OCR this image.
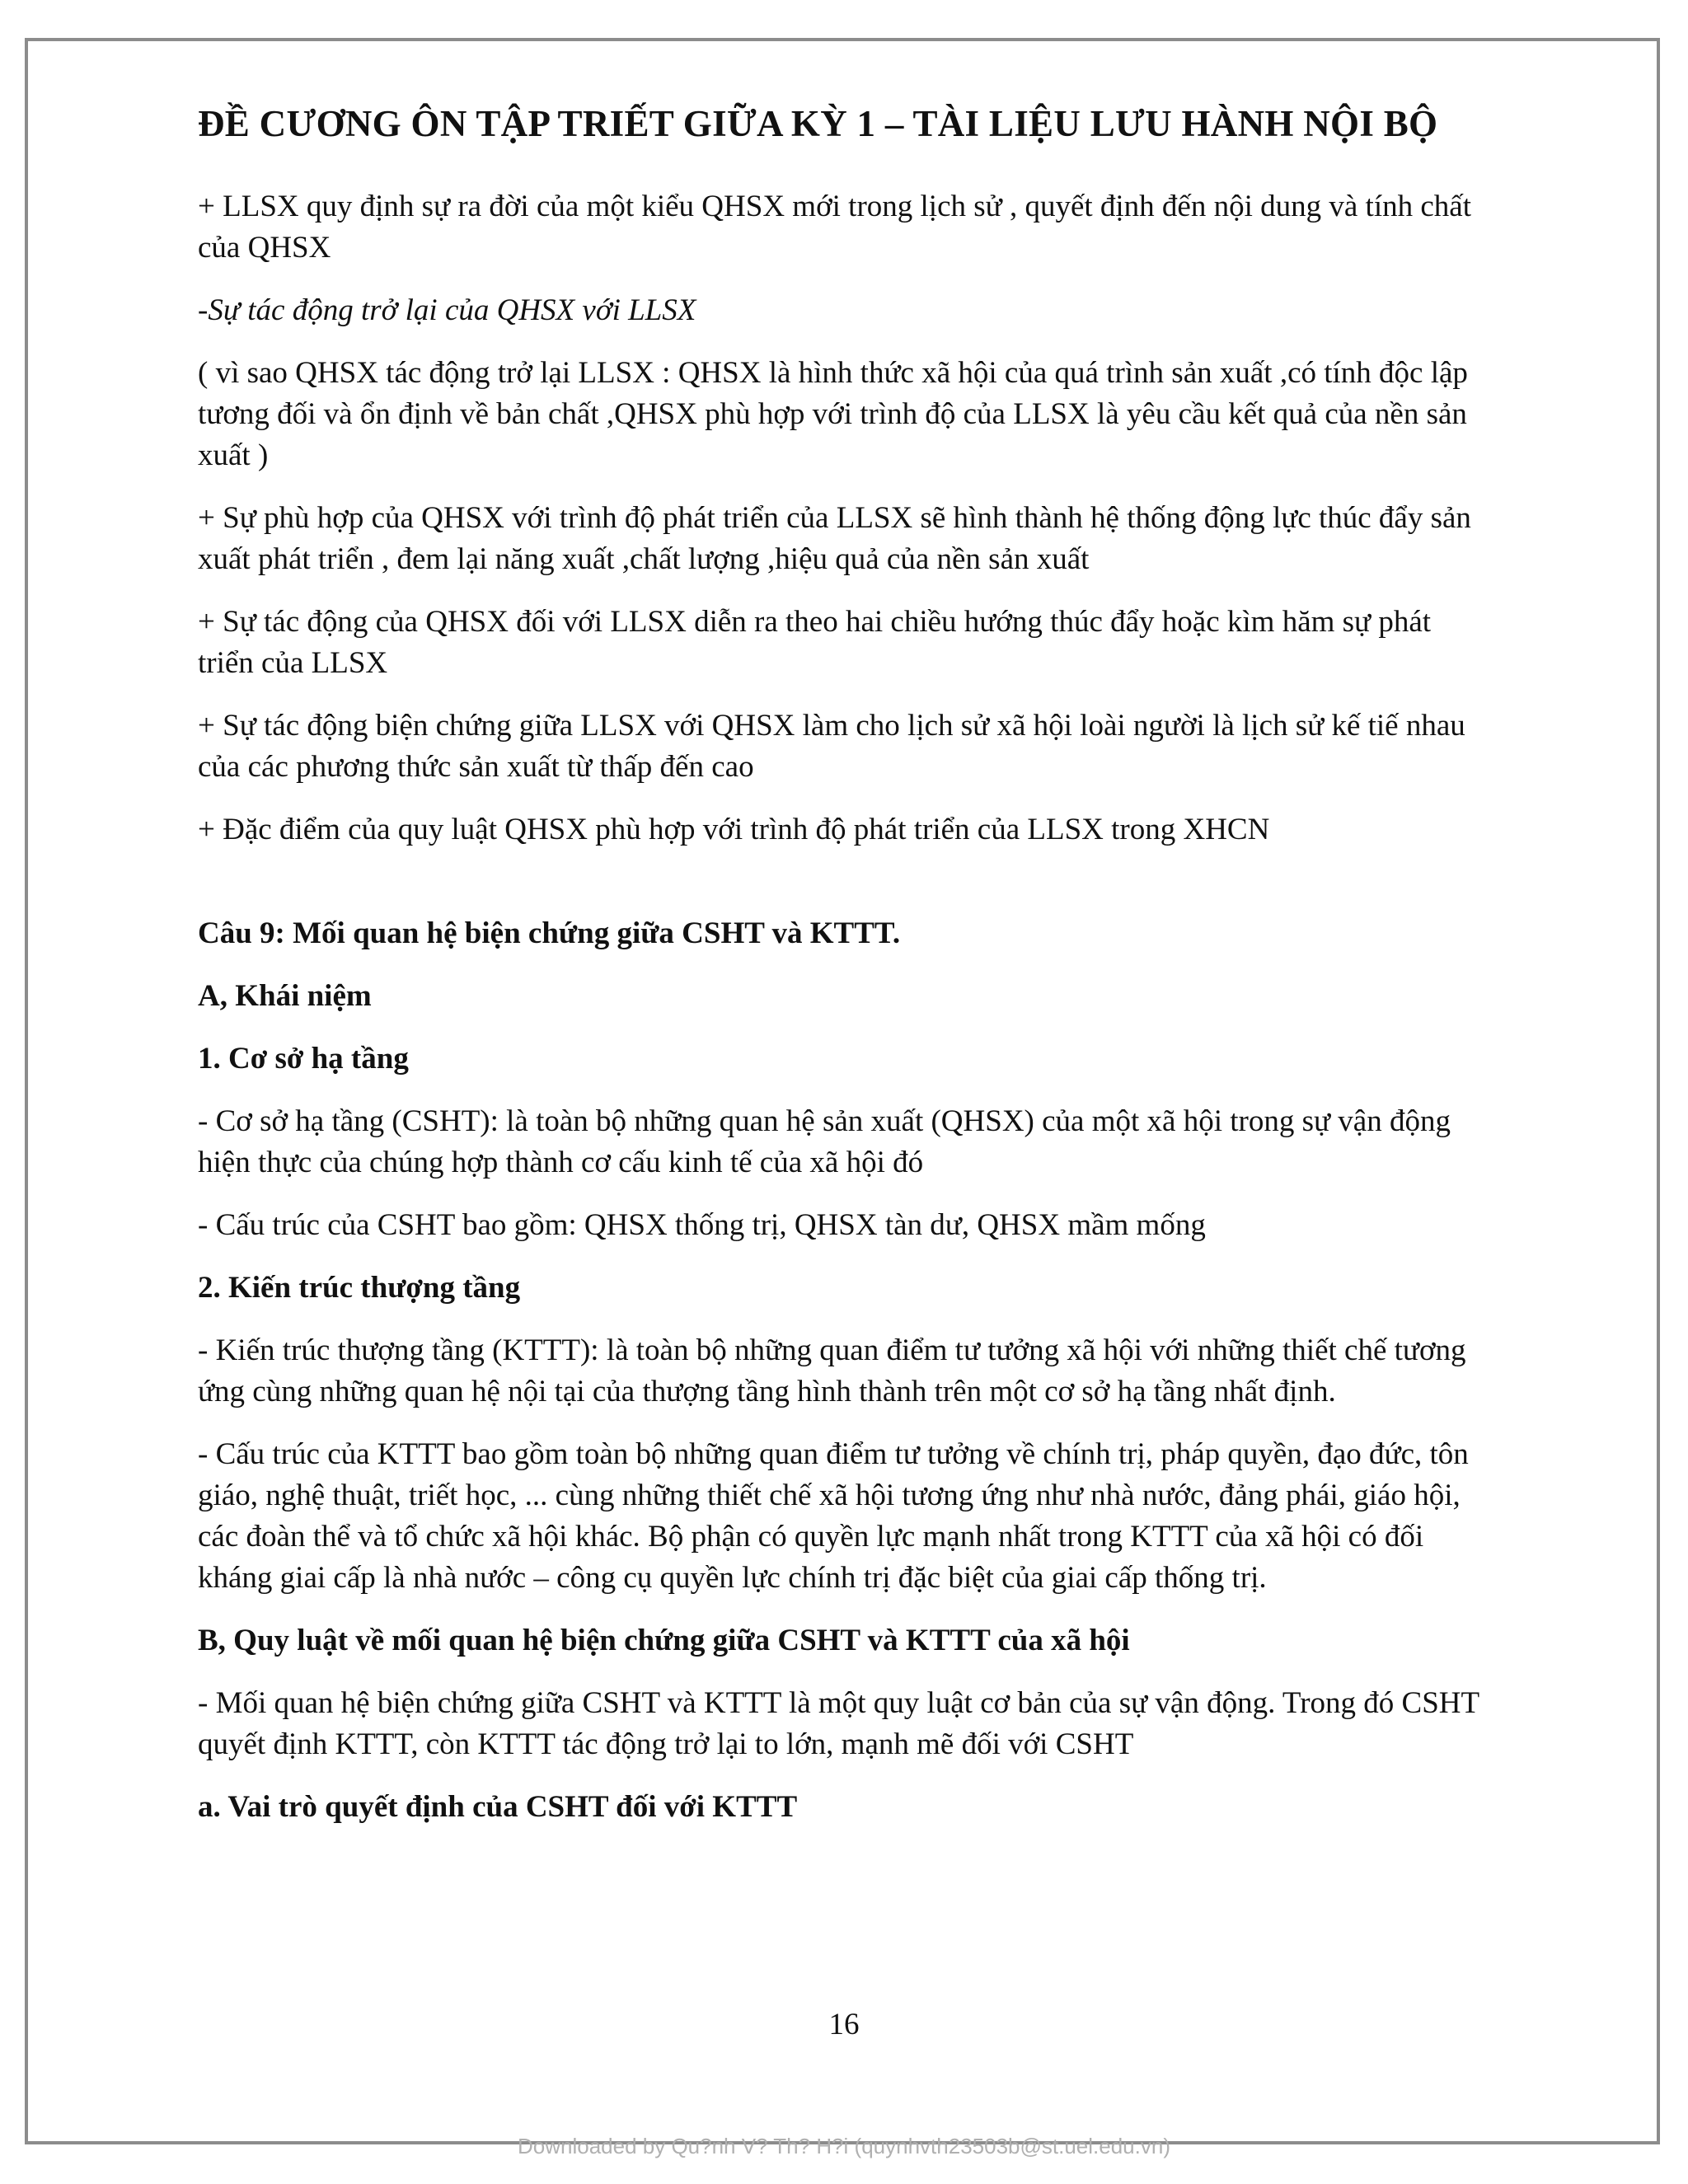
ĐỀ CƯƠNG ÔN TẬP TRIẾT GIỮA KỲ 1 – TÀI LIỆU LƯU HÀNH NỘI BỘ

+ LLSX quy định sự ra đời của một kiểu QHSX mới trong lịch sử , quyết định đến nội dung và tính chất của QHSX

-Sự tác động trở lại của QHSX với LLSX

( vì sao QHSX tác động trở lại LLSX : QHSX là hình thức xã hội của quá trình sản xuất ,có tính độc lập tương đối và ổn định về bản chất ,QHSX phù hợp với trình độ của LLSX là yêu cầu kết quả của nền sản xuất )

+ Sự phù hợp của QHSX với trình độ phát triển của LLSX sẽ hình thành hệ thống động lực thúc đẩy sản xuất phát triển , đem lại năng xuất ,chất lượng ,hiệu quả của nền sản xuất

+ Sự tác động của QHSX đối với LLSX diễn ra theo hai chiều hướng thúc đẩy hoặc kìm hăm sự phát triển của LLSX

+ Sự tác động biện chứng giữa LLSX với QHSX làm cho lịch sử xã hội loài người là lịch sử kế tiế nhau của các phương thức sản xuất từ thấp đến cao

+ Đặc điểm của quy luật QHSX phù hợp với trình độ phát triển của LLSX trong XHCN

Câu 9: Mối quan hệ biện chứng giữa CSHT và KTTT.

A, Khái niệm

1. Cơ sở hạ tầng

- Cơ sở hạ tầng (CSHT): là toàn bộ những quan hệ sản xuất (QHSX) của một xã hội trong sự vận động hiện thực của chúng hợp thành cơ cấu kinh tế của xã hội đó

- Cấu trúc của CSHT bao gồm: QHSX thống trị, QHSX tàn dư, QHSX mầm mống

2. Kiến trúc thượng tầng

- Kiến trúc thượng tầng (KTTT): là toàn bộ những quan điểm tư tưởng xã hội với những thiết chế tương ứng cùng những quan hệ nội tại của thượng tầng hình thành trên một cơ sở hạ tầng nhất định.

- Cấu trúc của KTTT bao gồm toàn bộ những quan điểm tư tưởng về chính trị, pháp quyền, đạo đức, tôn giáo, nghệ thuật, triết học, ... cùng những thiết chế xã hội tương ứng như nhà nước, đảng phái, giáo hội, các đoàn thể và tổ chức xã hội khác. Bộ phận có quyền lực mạnh nhất trong KTTT của xã hội có đối kháng giai cấp là nhà nước – công cụ quyền lực chính trị đặc biệt của giai cấp thống trị.

B, Quy luật về mối quan hệ biện chứng giữa CSHT và KTTT của xã hội

- Mối quan hệ biện chứng giữa CSHT và KTTT là một quy luật cơ bản của sự vận động. Trong đó CSHT quyết định KTTT, còn KTTT tác động trở lại to lớn, mạnh mẽ đối với CSHT

a. Vai trò quyết định của CSHT đối với KTTT

16
Downloaded by Qu?nh V? Th? H?i (quynhvth23503b@st.uel.edu.vn)
